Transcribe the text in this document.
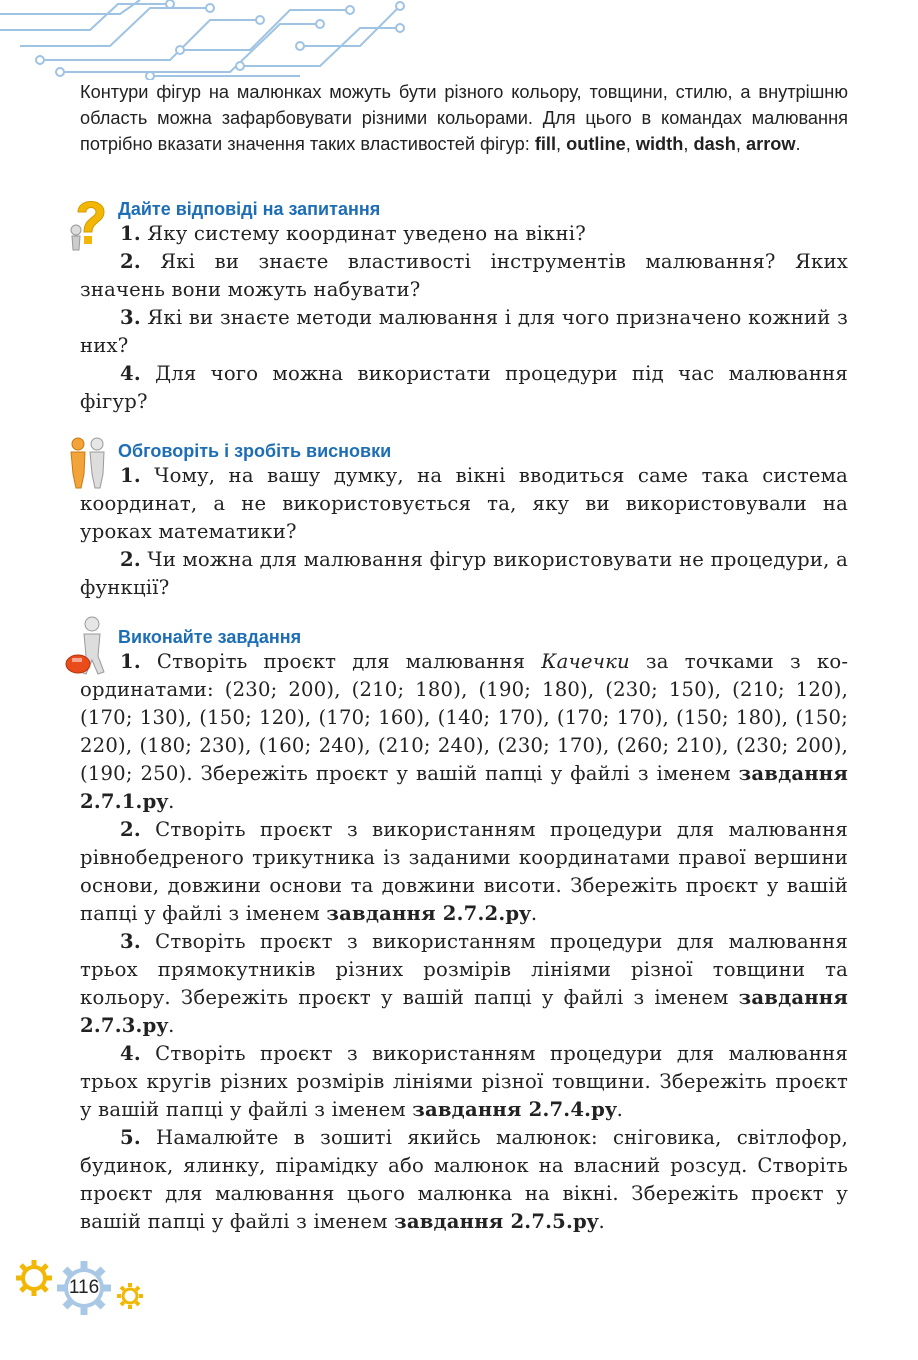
Контури фігур на малюнках можуть бути різного кольору, товщини, стилю, а внутрішню область можна зафарбовувати різними кольорами. Для цього в командах малювання потрібно вказати значення таких властивостей фігур: fill, outline, width, dash, arrow.
Дайте відповіді на запитання

1. Яку систему координат уведено на вікні?

2. Які ви знаєте властивості інструментів малювання? Яких значень вони можуть набувати?

3. Які ви знаєте методи малювання і для чого призначено кожний з них?

4. Для чого можна використати процедури під час малювання фігур?

Обговоріть і зробіть висновки

1. Чому, на вашу думку, на вікні вводиться саме така система координат, а не використовується та, яку ви використовували на уроках математики?

2. Чи можна для малювання фігур використовувати не процедури, а функції?

Виконайте завдання

1. Створіть проєкт для малювання Качечки за точками з координатами: (230; 200), (210; 180), (190; 180), (230; 150), (210; 120), (170; 130), (150; 120), (170; 160), (140; 170), (170; 170), (150; 180), (150; 220), (180; 230), (160; 240), (210; 240), (230; 170), (260; 210), (230; 200), (190; 250). Збережіть проєкт у вашій папці у файлі з іменем завдання 2.7.1.py.

2. Створіть проєкт з використанням процедури для малювання рівнобедреного трикутника із заданими координатами правої вершини основи, довжини основи та довжини висоти. Збережіть проєкт у вашій папці у файлі з іменем завдання 2.7.2.py.

3. Створіть проєкт з використанням процедури для малювання трьох прямокутників різних розмірів лініями різної товщини та кольору. Збережіть проєкт у вашій папці у файлі з іменем завдання 2.7.3.py.

4. Створіть проєкт з використанням процедури для малювання трьох кругів різних розмірів лініями різної товщини. Збережіть проєкт у вашій папці у файлі з іменем завдання 2.7.4.py.

5. Намалюйте в зошиті якийсь малюнок: сніговика, світлофор, будинок, ялинку, пірамідку або малюнок на власний розсуд. Створіть проєкт для малювання цього малюнка на вікні. Збережіть проєкт у вашій папці у файлі з іменем завдання 2.7.5.py.

116
